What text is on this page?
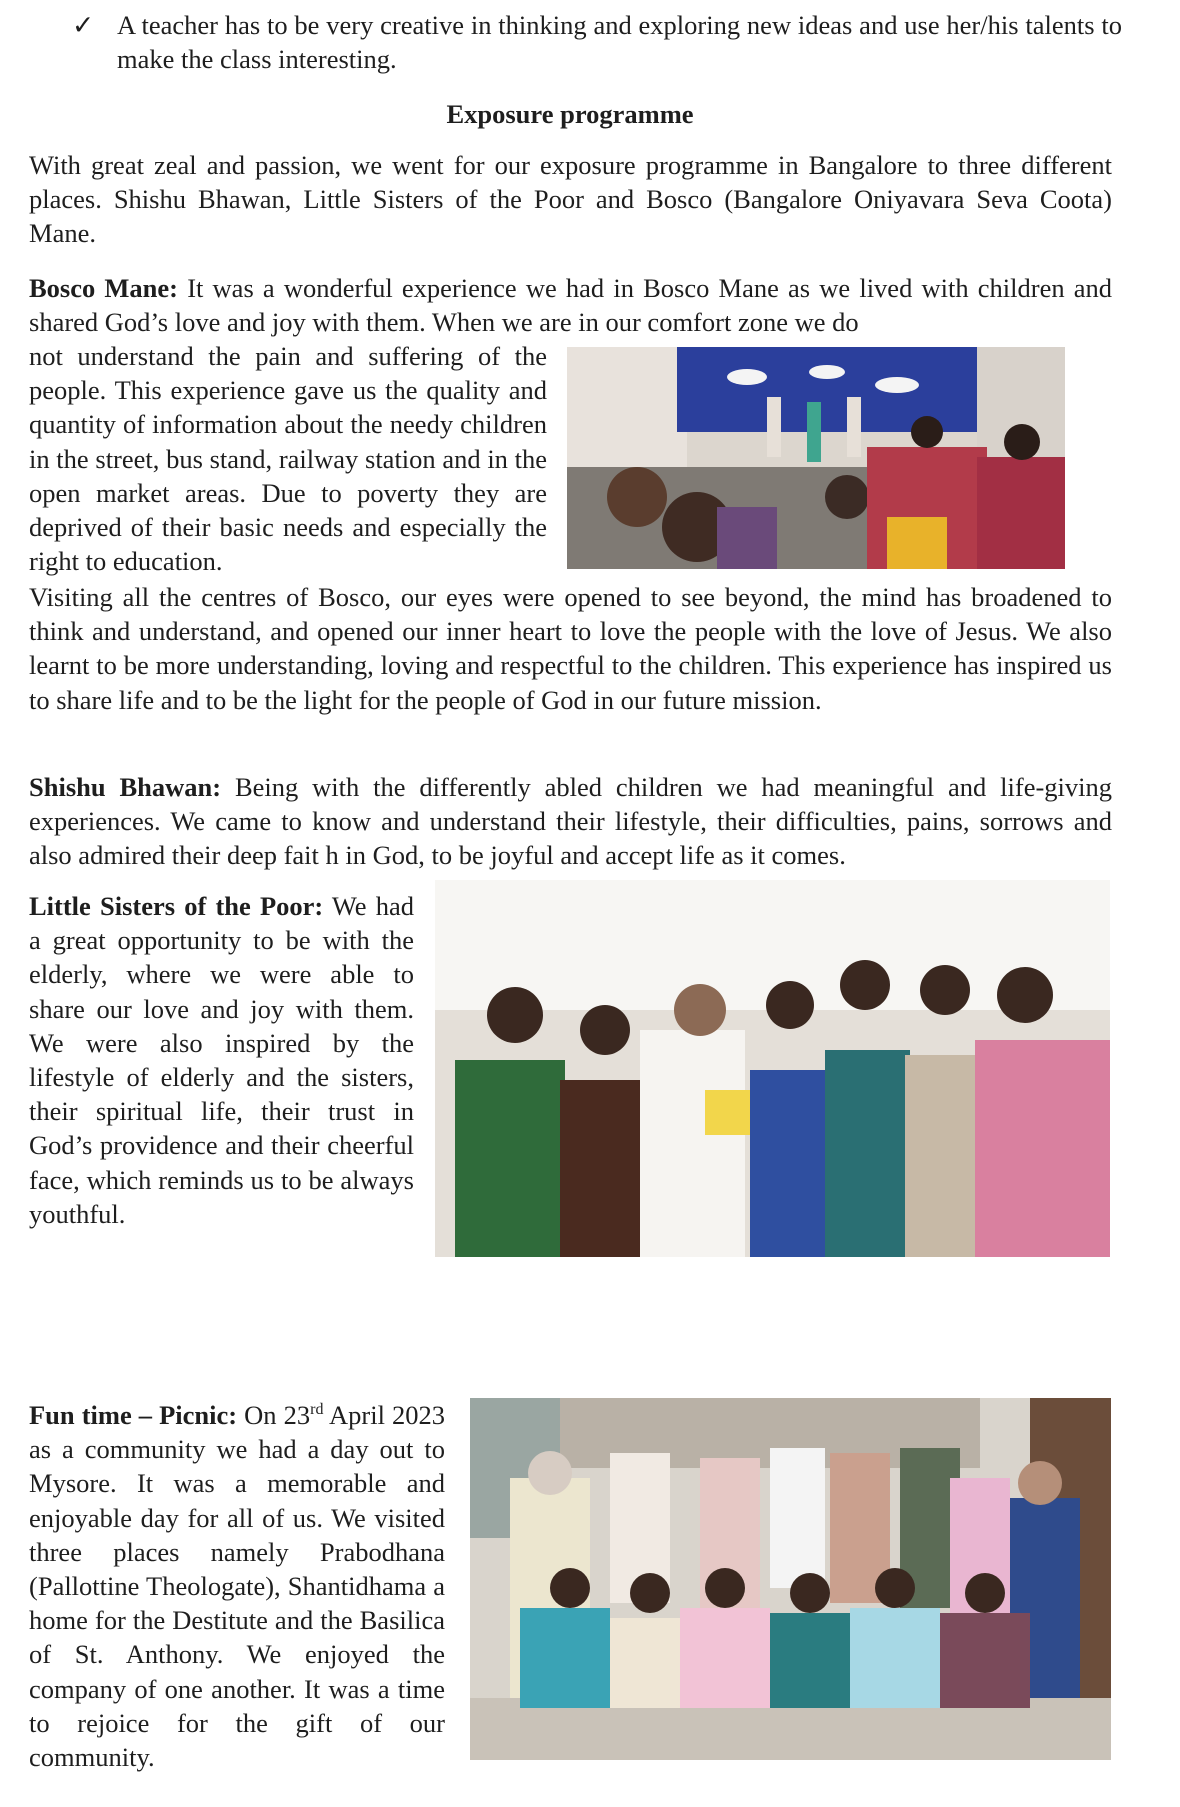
✓ A teacher has to be very creative in thinking and exploring new ideas and use her/his talents to make the class interesting.
Exposure programme
With great zeal and passion, we went for our exposure programme in Bangalore to three different places. Shishu Bhawan, Little Sisters of the Poor and Bosco (Bangalore Oniyavara Seva Coota) Mane.
Bosco Mane: It was a wonderful experience we had in Bosco Mane as we lived with children and shared God’s love and joy with them. When we are in our comfort zone we do
not understand the pain and suffering of the people. This experience gave us the quality and quantity of information about the needy children in the street, bus stand, railway station and in the open market areas. Due to poverty they are deprived of their basic needs and especially the right to education.
Visiting all the centres of Bosco, our eyes were opened to see beyond, the mind has broadened to think and understand, and opened our inner heart to love the people with the love of Jesus. We also learnt to be more understanding, loving and respectful to the children. This experience has inspired us to share life and to be the light for the people of God in our future mission.
Shishu Bhawan: Being with the differently abled children we had meaningful and life-giving experiences. We came to know and understand their lifestyle, their difficulties, pains, sorrows and also admired their deep fait h in God, to be joyful and accept life as it comes.
Little Sisters of the Poor: We had a great opportunity to be with the elderly, where we were able to share our love and joy with them. We were also inspired by the lifestyle of elderly and the sisters, their spiritual life, their trust in God’s providence and their cheerful face, which reminds us to be always youthful.
Fun time – Picnic: On 23rd April 2023 as a community we had a day out to Mysore. It was a memorable and enjoyable day for all of us. We visited three places namely Prabodhana (Pallottine Theologate), Shantidhama a home for the Destitute and the Basilica of St. Anthony. We enjoyed the company of one another. It was a time to rejoice for the gift of our community.
